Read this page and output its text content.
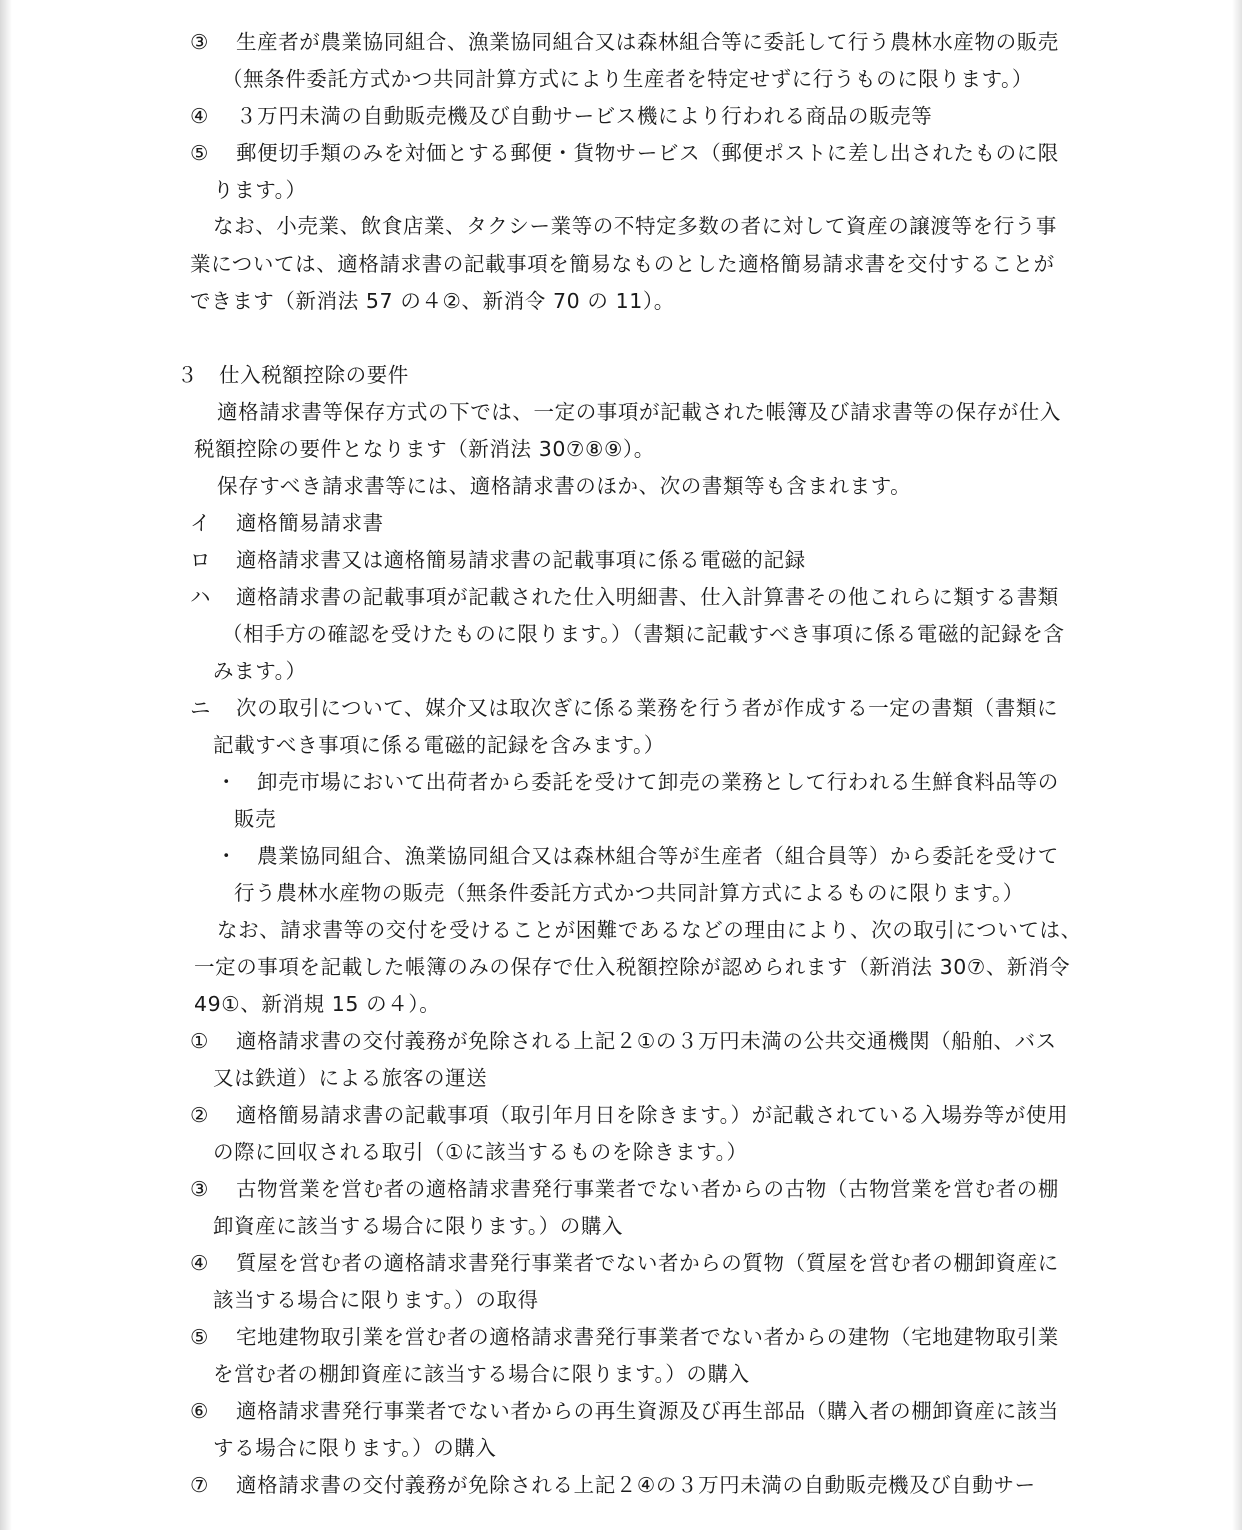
③ 生産者が農業協同組合、漁業協同組合又は森林組合等に委託して行う農林水産物の販売
（無条件委託方式かつ共同計算方式により生産者を特定せずに行うものに限ります。）
④ ３万円未満の自動販売機及び自動サービス機により行われる商品の販売等
⑤ 郵便切手類のみを対価とする郵便・貨物サービス（郵便ポストに差し出されたものに限
ります。）
なお、小売業、飲食店業、タクシー業等の不特定多数の者に対して資産の譲渡等を行う事
業については、適格請求書の記載事項を簡易なものとした適格簡易請求書を交付することが
できます（新消法 57 の４②、新消令 70 の 11）。
３ 仕入税額控除の要件
適格請求書等保存方式の下では、一定の事項が記載された帳簿及び請求書等の保存が仕入
税額控除の要件となります（新消法 30⑦⑧⑨）。
保存すべき請求書等には、適格請求書のほか、次の書類等も含まれます。
イ 適格簡易請求書
ロ 適格請求書又は適格簡易請求書の記載事項に係る電磁的記録
ハ 適格請求書の記載事項が記載された仕入明細書、仕入計算書その他これらに類する書類
（相手方の確認を受けたものに限ります。）（書類に記載すべき事項に係る電磁的記録を含
みます。）
ニ 次の取引について、媒介又は取次ぎに係る業務を行う者が作成する一定の書類（書類に
記載すべき事項に係る電磁的記録を含みます。）
・ 卸売市場において出荷者から委託を受けて卸売の業務として行われる生鮮食料品等の
販売
・ 農業協同組合、漁業協同組合又は森林組合等が生産者（組合員等）から委託を受けて
行う農林水産物の販売（無条件委託方式かつ共同計算方式によるものに限ります。）
なお、請求書等の交付を受けることが困難であるなどの理由により、次の取引については、
一定の事項を記載した帳簿のみの保存で仕入税額控除が認められます（新消法 30⑦、新消令
49①、新消規 15 の４）。
① 適格請求書の交付義務が免除される上記２①の３万円未満の公共交通機関（船舶、バス
又は鉄道）による旅客の運送
② 適格簡易請求書の記載事項（取引年月日を除きます。）が記載されている入場券等が使用
の際に回収される取引（①に該当するものを除きます。）
③ 古物営業を営む者の適格請求書発行事業者でない者からの古物（古物営業を営む者の棚
卸資産に該当する場合に限ります。）の購入
④ 質屋を営む者の適格請求書発行事業者でない者からの質物（質屋を営む者の棚卸資産に
該当する場合に限ります。）の取得
⑤ 宅地建物取引業を営む者の適格請求書発行事業者でない者からの建物（宅地建物取引業
を営む者の棚卸資産に該当する場合に限ります。）の購入
⑥ 適格請求書発行事業者でない者からの再生資源及び再生部品（購入者の棚卸資産に該当
する場合に限ります。）の購入
⑦ 適格請求書の交付義務が免除される上記２④の３万円未満の自動販売機及び自動サー
